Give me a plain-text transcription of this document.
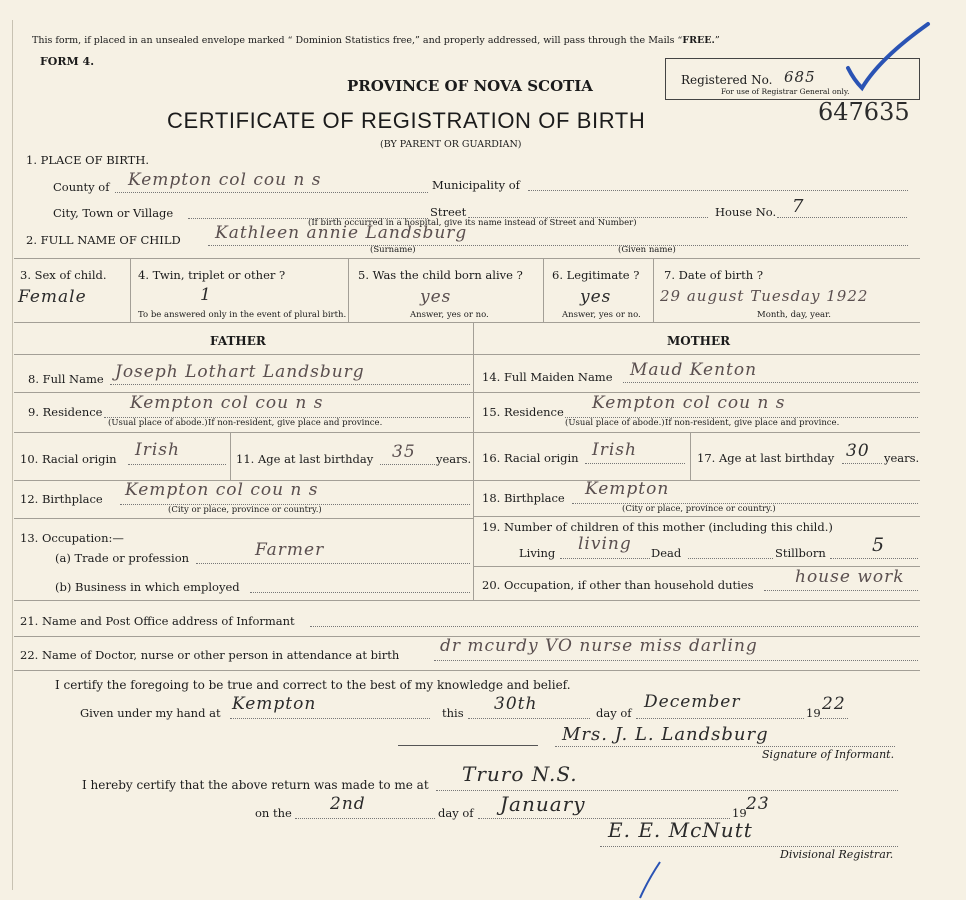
This form, if placed in an unsealed envelope marked “ Dominion Statistics free,” and properly addressed, will pass through the Mails “FREE.”
FORM 4.
PROVINCE OF NOVA SCOTIA
CERTIFICATE OF REGISTRATION OF BIRTH
(BY PARENT OR GUARDIAN)
Registered No. 685
For use of Registrar General only.
647635
1. PLACE OF BIRTH.
County of Kempton col cou n s	Municipality of
City, Town or Village	Street	House No. 7
(If birth occurred in a hospital, give its name instead of Street and Number)
2. FULL NAME OF CHILD Kathleen annie Landsburg
(Surname)	(Given name)
3. Sex of child.
Female
4. Twin, triplet or other ?
1
To be answered only in the event of plural birth.
5. Was the child born alive ?
yes
Answer, yes or no.
6. Legitimate ?
yes
Answer, yes or no.
7. Date of birth ?
29 august Tuesday 1922
Month, day, year.
FATHER	MOTHER
8. Full Name Joseph Lothart Landsburg
9. Residence Kempton col cou n s
(Usual place of abode.) If non-resident, give place and province.
10. Racial origin Irish	11. Age at last birthday 35 years.
12. Birthplace Kempton col cou n s
(City or place, province or country.)
13. Occupation:—
(a) Trade or profession	Farmer
(b) Business in which employed
14. Full Maiden Name Maud Kenton
15. Residence Kempton col cou n s
(Usual place of abode.) If non-resident, give place and province.
16. Racial origin Irish	17. Age at last birthday 30 years.
18. Birthplace Kempton
(City or place, province or country.)
19. Number of children of this mother (including this child.)
Living living Dead	Stillborn 5
20. Occupation, if other than household duties house work
21. Name and Post Office address of Informant
22. Name of Doctor, nurse or other person in attendance at birth dr mcurdy VO nurse miss darling
I certify the foregoing to be true and correct to the best of my knowledge and belief.
Given under my hand at Kempton	this 30th	day of
December
19 22
Mrs. J. L. Landsburg
Signature of Informant.
I hereby certify that the above return was made to me at Truro N.S.
on the 2nd	day of January	19 23
E. E. McNutt
Divisional Registrar.
